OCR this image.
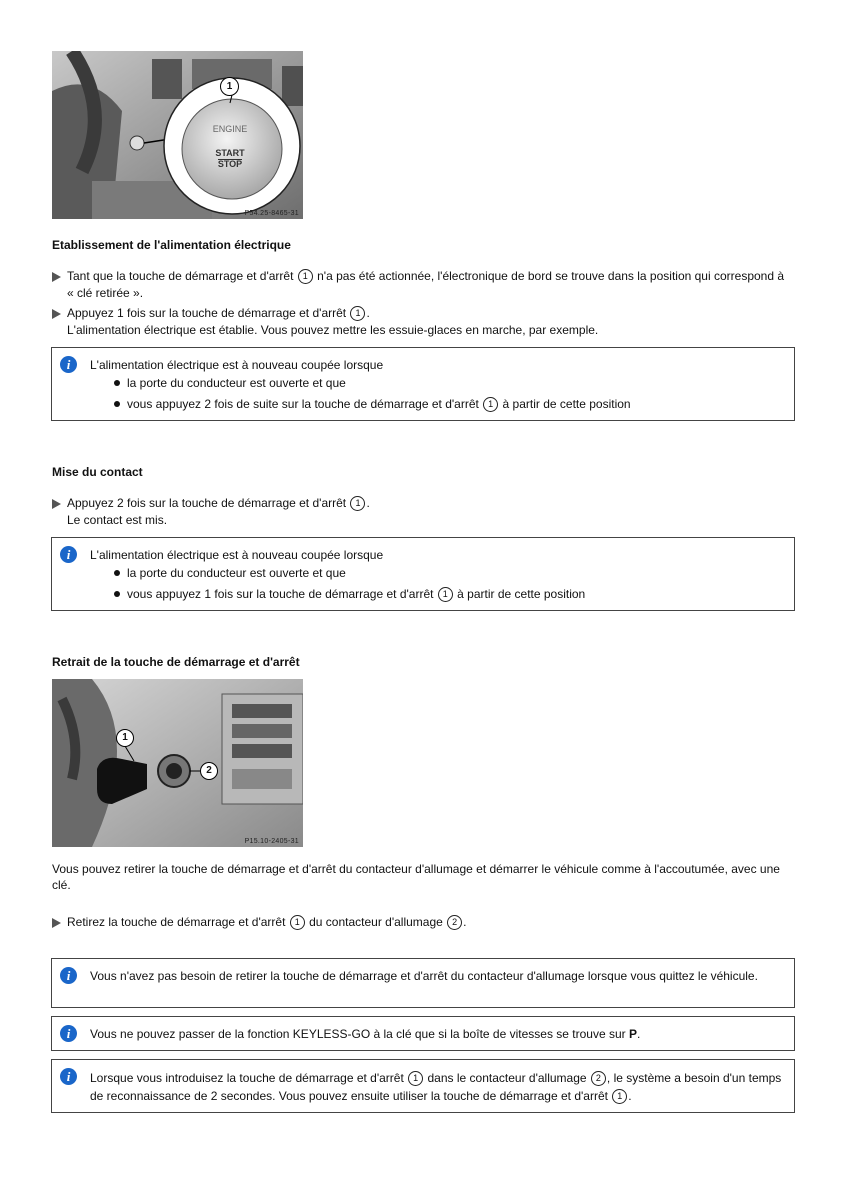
1
ENGINE
START
STOP
P54.25-8465-31
Etablissement de l'alimentation électrique
Tant que la touche de démarrage et d'arrêt 1 n'a pas été actionnée, l'électronique de bord se trouve dans la position qui correspond à « clé retirée ».
Appuyez 1 fois sur la touche de démarrage et d'arrêt 1 .
L'alimentation électrique est établie. Vous pouvez mettre les essuie-glaces en marche, par exemple.
i	L'alimentation électrique est à nouveau coupée lorsque
la porte du conducteur est ouverte et que
vous appuyez 2 fois de suite sur la touche de démarrage et d'arrêt 1 à partir de cette position
Mise du contact
Appuyez 2 fois sur la touche de démarrage et d'arrêt 1 .
Le contact est mis.
i	L'alimentation électrique est à nouveau coupée lorsque
la porte du conducteur est ouverte et que
vous appuyez 1 fois sur la touche de démarrage et d'arrêt 1 à partir de cette position
Retrait de la touche de démarrage et d'arrêt
1
2
P15.10-2405-31
Vous pouvez retirer la touche de démarrage et d'arrêt du contacteur d'allumage et démarrer le véhicule comme à l'accoutumée, avec une clé.
Retirez la touche de démarrage et d'arrêt 1 du contacteur d'allumage 2 .
i	Vous n'avez pas besoin de retirer la touche de démarrage et d'arrêt du contacteur d'allumage lorsque vous quittez le véhicule.
i	Vous ne pouvez passer de la fonction KEYLESS-GO à la clé que si la boîte de vitesses se trouve sur P.
i	Lorsque vous introduisez la touche de démarrage et d'arrêt 1 dans le contacteur d'allumage 2 , le système a besoin d'un temps de reconnaissance de 2 secondes. Vous pouvez ensuite utiliser la touche de démarrage et d'arrêt 1 .
